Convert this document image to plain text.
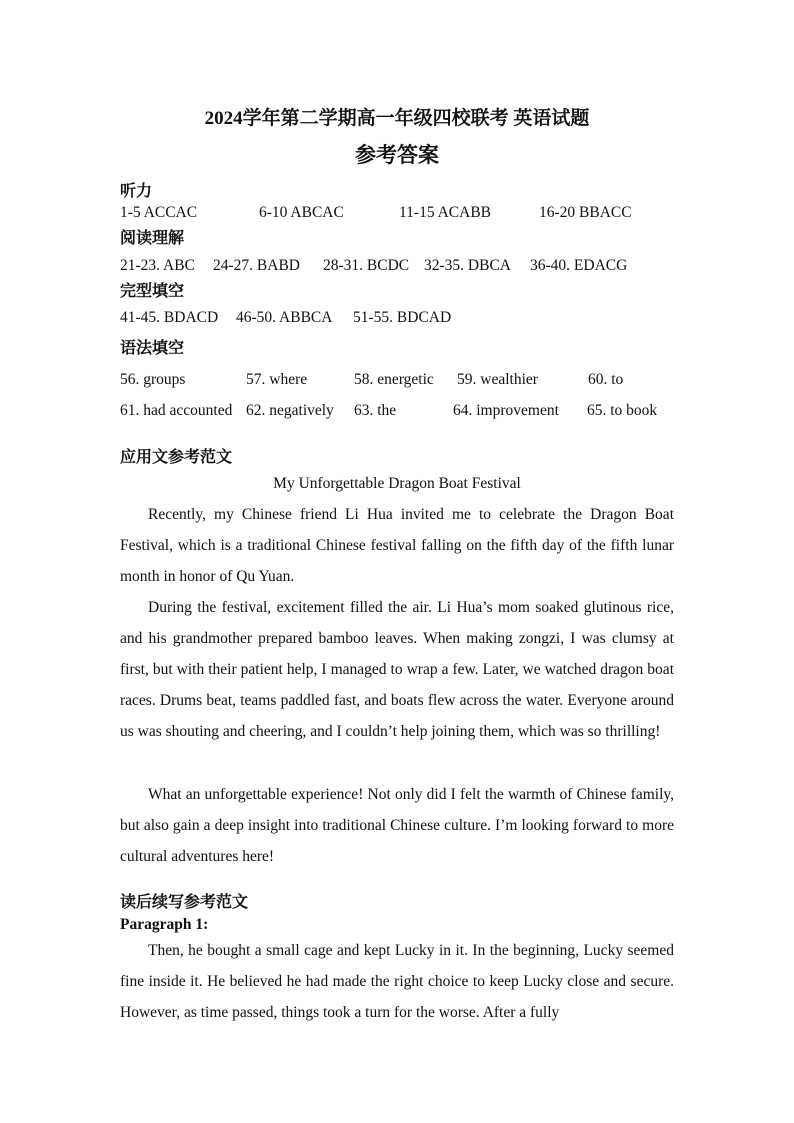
2024学年第二学期高一年级四校联考 英语试题
参考答案
听力
1-5 ACCAC	6-10 ABCAC	11-15 ACABB	16-20 BBACC
阅读理解
21-23. ABC 24-27. BABD 28-31. BCDC 32-35. DBCA 36-40. EDACG
完型填空
41-45. BDACD 46-50. ABBCA 51-55. BDCAD
语法填空
56. groups	57. where	58. energetic 59. wealthier	60. to
61. had accounted 62. negatively 63. the	64. improvement 65. to book
应用文参考范文
My Unforgettable Dragon Boat Festival

Recently, my Chinese friend Li Hua invited me to celebrate the Dragon Boat Festival, which is a traditional Chinese festival falling on the fifth day of the fifth lunar month in honor of Qu Yuan.

During the festival, excitement filled the air. Li Hua’s mom soaked glutinous rice, and his grandmother prepared bamboo leaves. When making zongzi, I was clumsy at first, but with their patient help, I managed to wrap a few. Later, we watched dragon boat races. Drums beat, teams paddled fast, and boats flew across the water. Everyone around us was shouting and cheering, and I couldn’t help joining them, which was so thrilling!

What an unforgettable experience! Not only did I felt the warmth of Chinese family, but also gain a deep insight into traditional Chinese culture. I’m looking forward to more cultural adventures here!

读后续写参考范文
Paragraph 1:

Then, he bought a small cage and kept Lucky in it. In the beginning, Lucky seemed fine inside it. He believed he had made the right choice to keep Lucky close and secure. However, as time passed, things took a turn for the worse. After a fully
